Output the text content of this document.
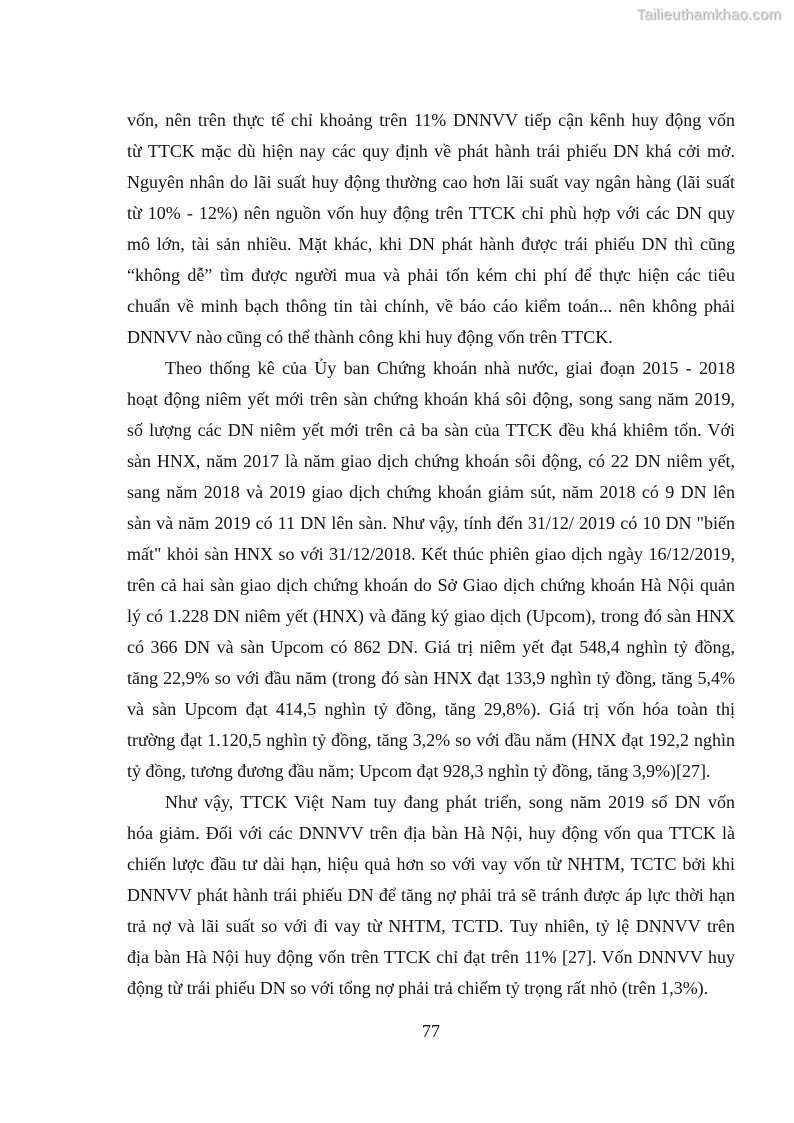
Tailieuthamkhao.com
vốn, nên trên thực tế chỉ khoảng trên 11% DNNVV tiếp cận kênh huy động vốn
từ TTCK mặc dù hiện nay các quy định về phát hành trái phiếu DN khá cởi mở.
Nguyên nhân do lãi suất huy động thường cao hơn lãi suất vay ngân hàng (lãi suất
từ 10% - 12%) nên nguồn vốn huy động trên TTCK chỉ phù hợp với các DN quy
mô lớn, tài sản nhiều. Mặt khác, khi DN phát hành được trái phiếu DN thì cũng
“không dễ” tìm được người mua và phải tốn kém chi phí để thực hiện các tiêu
chuẩn về minh bạch thông tin tài chính, về báo cáo kiểm toán... nên không phải
DNNVV nào cũng có thể thành công khi huy động vốn trên TTCK.
Theo thống kê của Ủy ban Chứng khoán nhà nước, giai đoạn 2015 - 2018
hoạt động niêm yết mới trên sàn chứng khoán khá sôi động, song sang năm 2019,
số lượng các DN niêm yết mới trên cả ba sàn của TTCK đều khá khiêm tốn. Với
sàn HNX, năm 2017 là năm giao dịch chứng khoán sôi động, có 22 DN niêm yết,
sang năm 2018 và 2019 giao dịch chứng khoán giảm sút, năm 2018 có 9 DN lên
sàn và năm 2019 có 11 DN lên sàn. Như vậy, tính đến 31/12/ 2019 có 10 DN "biến
mất" khỏi sàn HNX so với 31/12/2018. Kết thúc phiên giao dịch ngày 16/12/2019,
trên cả hai sàn giao dịch chứng khoán do Sở Giao dịch chứng khoán Hà Nội quản
lý có 1.228 DN niêm yết (HNX) và đăng ký giao dịch (Upcom), trong đó sàn HNX
có 366 DN và sàn Upcom có 862 DN. Giá trị niêm yết đạt 548,4 nghìn tỷ đồng,
tăng 22,9% so với đầu năm (trong đó sàn HNX đạt 133,9 nghìn tỷ đồng, tăng 5,4%
và sàn Upcom đạt 414,5 nghìn tỷ đồng, tăng 29,8%). Giá trị vốn hóa toàn thị
trường đạt 1.120,5 nghìn tỷ đồng, tăng 3,2% so với đầu năm (HNX đạt 192,2 nghìn
tỷ đồng, tương đương đầu năm; Upcom đạt 928,3 nghìn tỷ đồng, tăng 3,9%)[27].
Như vậy, TTCK Việt Nam tuy đang phát triển, song năm 2019 số DN vốn
hóa giảm. Đối với các DNNVV trên địa bàn Hà Nội, huy động vốn qua TTCK là
chiến lược đầu tư dài hạn, hiệu quả hơn so với vay vốn từ NHTM, TCTC bởi khi
DNNVV phát hành trái phiếu DN để tăng nợ phải trả sẽ tránh được áp lực thời hạn
trả nợ và lãi suất so với đi vay từ NHTM, TCTD. Tuy nhiên, tỷ lệ DNNVV trên
địa bàn Hà Nội huy động vốn trên TTCK chỉ đạt trên 11% [27]. Vốn DNNVV huy
động từ trái phiếu DN so với tổng nợ phải trả chiếm tỷ trọng rất nhỏ (trên 1,3%).
77
